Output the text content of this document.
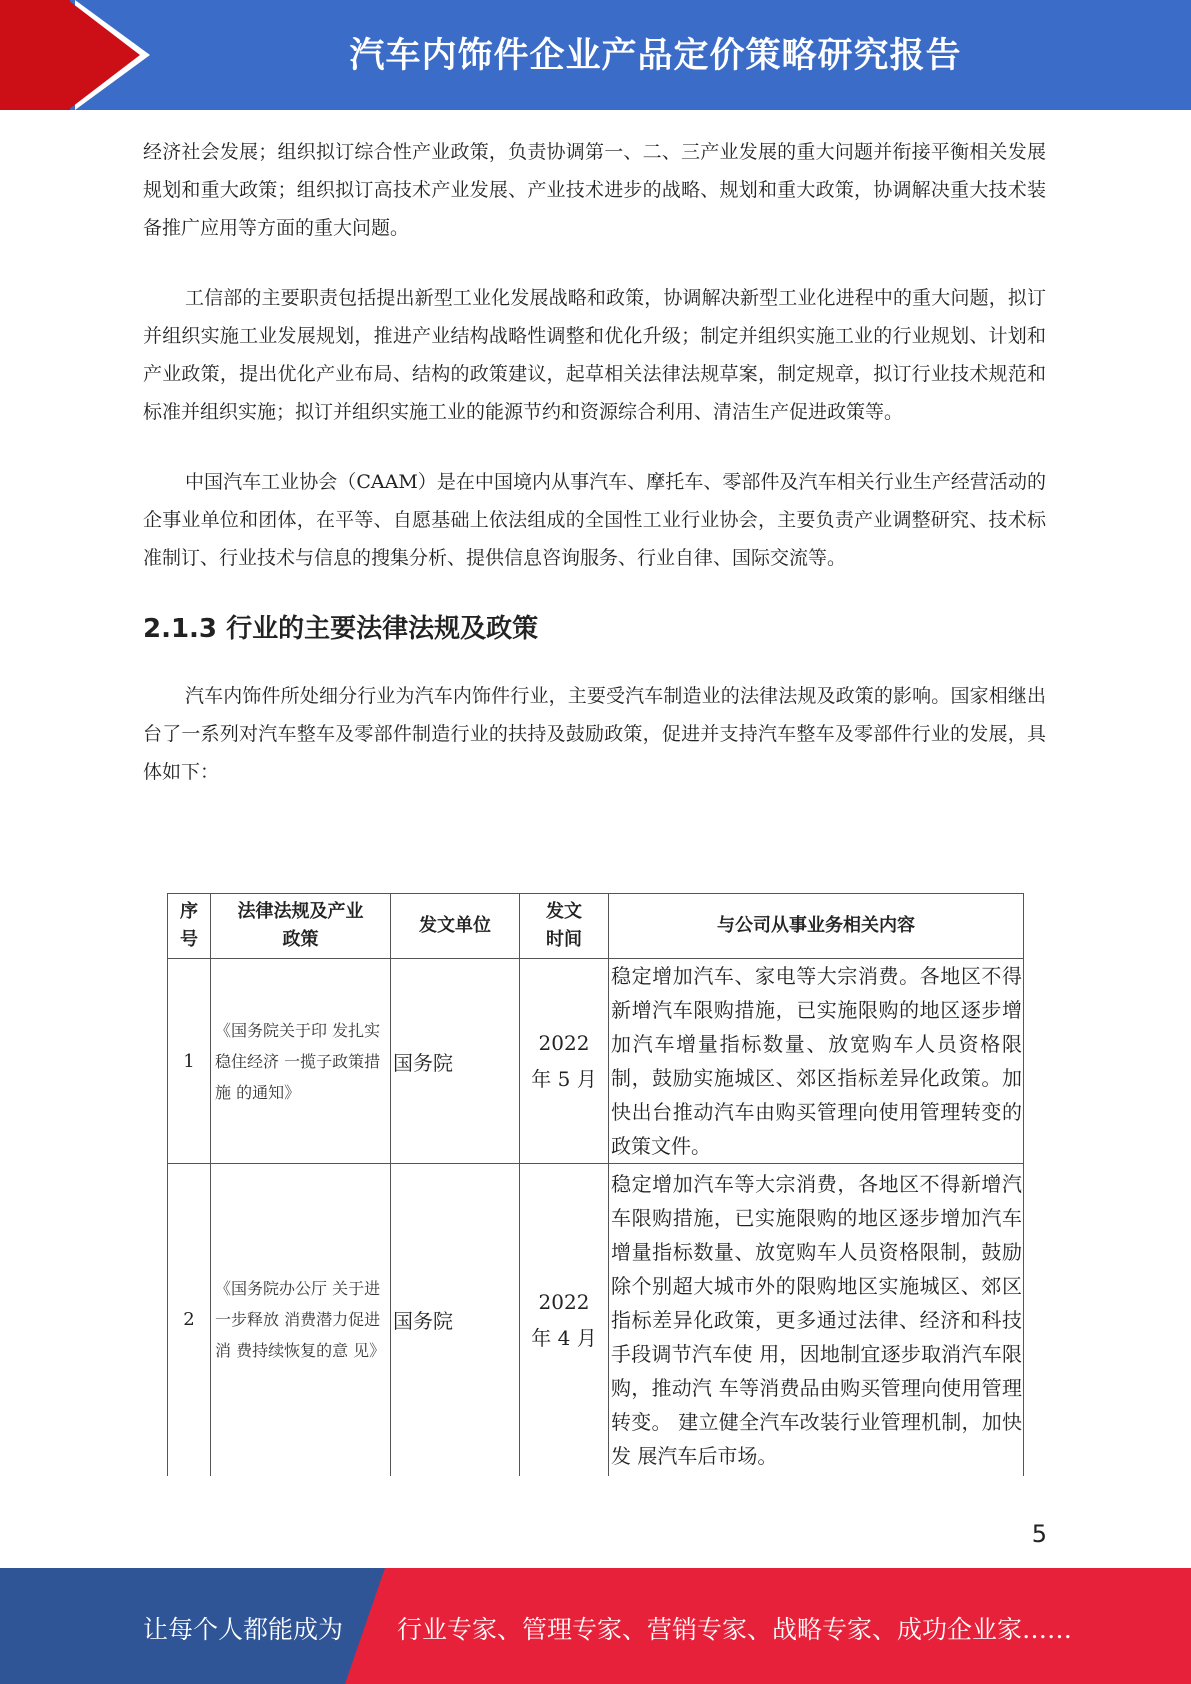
汽车内饰件企业产品定价策略研究报告

经济社会发展；组织拟订综合性产业政策，负责协调第一、二、三产业发展的重大问题并衔接平衡相关发展规划和重大政策；组织拟订高技术产业发展、产业技术进步的战略、规划和重大政策，协调解决重大技术装备推广应用等方面的重大问题。

工信部的主要职责包括提出新型工业化发展战略和政策，协调解决新型工业化进程中的重大问题，拟订并组织实施工业发展规划，推进产业结构战略性调整和优化升级；制定并组织实施工业的行业规划、计划和产业政策，提出优化产业布局、结构的政策建议，起草相关法律法规草案，制定规章，拟订行业技术规范和标准并组织实施；拟订并组织实施工业的能源节约和资源综合利用、清洁生产促进政策等。

中国汽车工业协会（CAAM）是在中国境内从事汽车、摩托车、零部件及汽车相关行业生产经营活动的企事业单位和团体，在平等、自愿基础上依法组成的全国性工业行业协会，主要负责产业调整研究、技术标准制订、行业技术与信息的搜集分析、提供信息咨询服务、行业自律、国际交流等。

2.1.3 行业的主要法律法规及政策

汽车内饰件所处细分行业为汽车内饰件行业，主要受汽车制造业的法律法规及政策的影响。国家相继出台了一系列对汽车整车及零部件制造行业的扶持及鼓励政策，促进并支持汽车整车及零部件行业的发展，具体如下：

序号	法律法规及产业 政策	发文单位	发文时间	与公司从事业务相关内容
1	《国务院关于印 发扎实稳住经济 一揽子政策措施 的通知》	国务院	2022 年 5 月	稳定增加汽车、家电等大宗消费。各地区不得新增汽车限购措施，已实施限购的地区逐步增加汽车增量指标数量、放宽购车人员资格限制，鼓励实施城区、郊区指标差异化政策。加快出台推动汽车由购买管理向使用管理转变的政策文件。
2	《国务院办公厅 关于进一步释放 消费潜力促进消 费持续恢复的意 见》	国务院	2022 年 4 月	稳定增加汽车等大宗消费，各地区不得新增汽车限购措施，已实施限购的地区逐步增加汽车增量指标数量、放宽购车人员资格限制，鼓励除个别超大城市外的限购地区实施城区、郊区指标差异化政策，更多通过法律、经济和科技手段调节汽车使 用，因地制宜逐步取消汽车限购，推动汽 车等消费品由购买管理向使用管理转变。 建立健全汽车改装行业管理机制，加快发 展汽车后市场。
5
让每个人都能成为 行业专家、管理专家、营销专家、战略专家、成功企业家……
